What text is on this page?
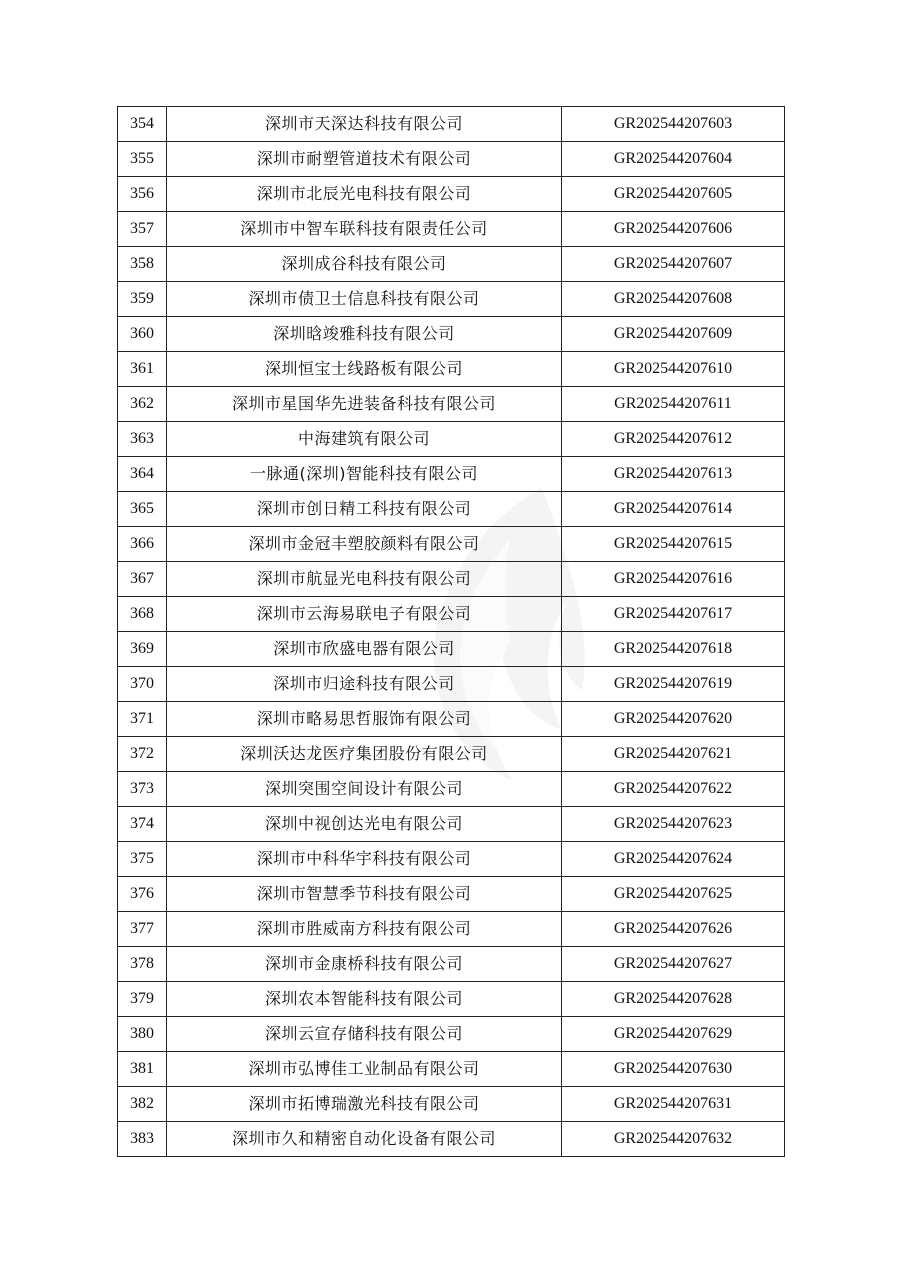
354	深圳市天深达科技有限公司	GR202544207603
355	深圳市耐塑管道技术有限公司	GR202544207604
356	深圳市北辰光电科技有限公司	GR202544207605
357	深圳市中智车联科技有限责任公司	GR202544207606
358	深圳成谷科技有限公司	GR202544207607
359	深圳市债卫士信息科技有限公司	GR202544207608
360	深圳晗竣雅科技有限公司	GR202544207609
361	深圳恒宝士线路板有限公司	GR202544207610
362	深圳市星国华先进装备科技有限公司	GR202544207611
363	中海建筑有限公司	GR202544207612
364	一脉通(深圳)智能科技有限公司	GR202544207613
365	深圳市创日精工科技有限公司	GR202544207614
366	深圳市金冠丰塑胶颜料有限公司	GR202544207615
367	深圳市航显光电科技有限公司	GR202544207616
368	深圳市云海易联电子有限公司	GR202544207617
369	深圳市欣盛电器有限公司	GR202544207618
370	深圳市归途科技有限公司	GR202544207619
371	深圳市略易思哲服饰有限公司	GR202544207620
372	深圳沃达龙医疗集团股份有限公司	GR202544207621
373	深圳突围空间设计有限公司	GR202544207622
374	深圳中视创达光电有限公司	GR202544207623
375	深圳市中科华宇科技有限公司	GR202544207624
376	深圳市智慧季节科技有限公司	GR202544207625
377	深圳市胜威南方科技有限公司	GR202544207626
378	深圳市金康桥科技有限公司	GR202544207627
379	深圳农本智能科技有限公司	GR202544207628
380	深圳云宣存储科技有限公司	GR202544207629
381	深圳市弘博佳工业制品有限公司	GR202544207630
382	深圳市拓博瑞激光科技有限公司	GR202544207631
383	深圳市久和精密自动化设备有限公司	GR202544207632
